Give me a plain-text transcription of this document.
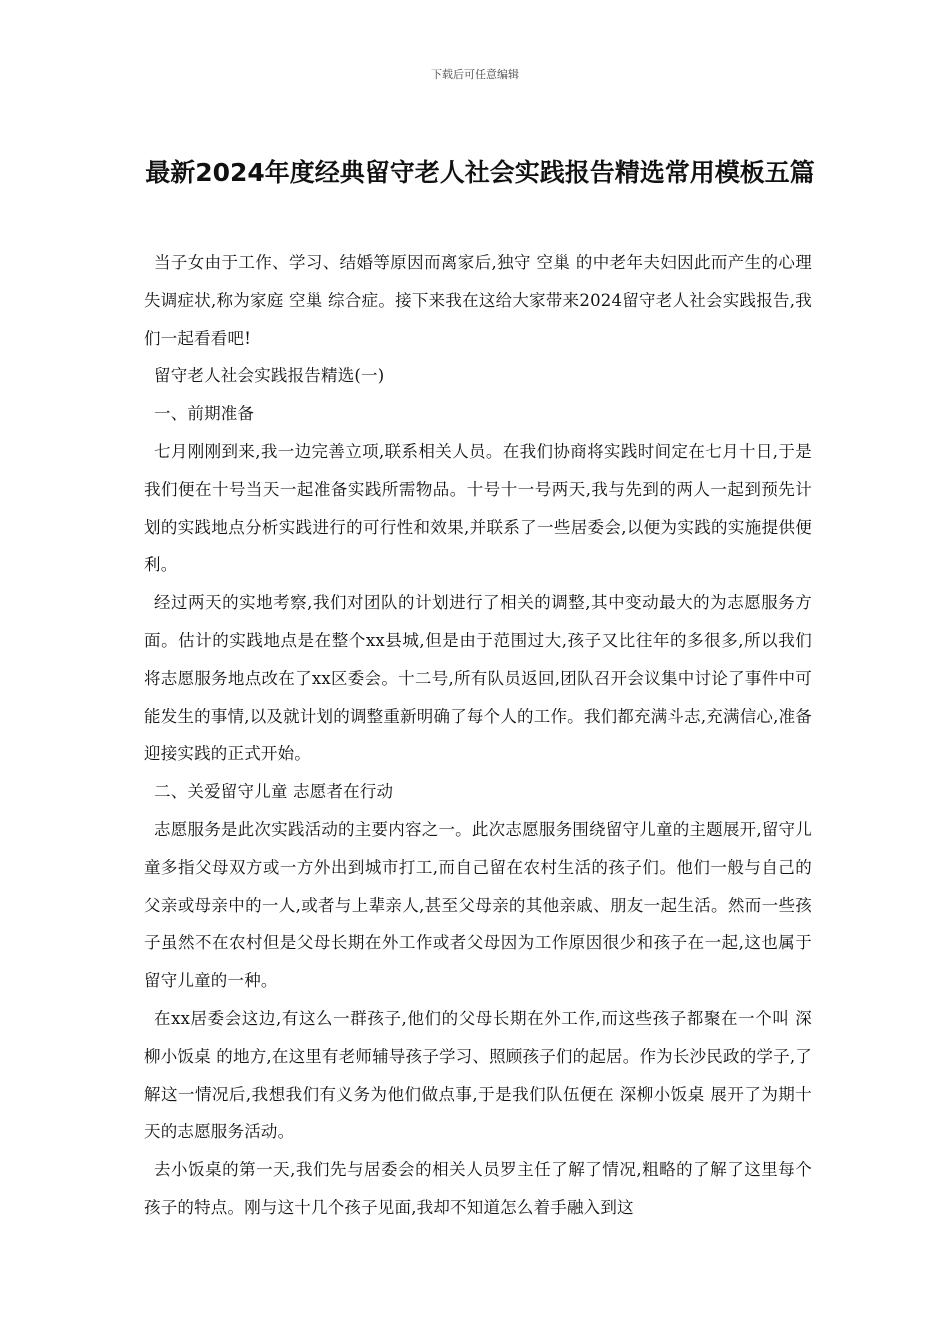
下载后可任意编辑
最新2024年度经典留守老人社会实践报告精选常用模板五篇

当子女由于工作、学习、结婚等原因而离家后,独守 空巢 的中老年夫妇因此而产生的心理失调症状,称为家庭 空巢 综合症。接下来我在这给大家带来2024留守老人社会实践报告,我们一起看看吧!

留守老人社会实践报告精选(一)

一、前期准备

七月刚刚到来,我一边完善立项,联系相关人员。在我们协商将实践时间定在七月十日,于是我们便在十号当天一起准备实践所需物品。十号十一号两天,我与先到的两人一起到预先计划的实践地点分析实践进行的可行性和效果,并联系了一些居委会,以便为实践的实施提供便利。

经过两天的实地考察,我们对团队的计划进行了相关的调整,其中变动最大的为志愿服务方面。估计的实践地点是在整个xx县城,但是由于范围过大,孩子又比往年的多很多,所以我们将志愿服务地点改在了xx区委会。十二号,所有队员返回,团队召开会议集中讨论了事件中可能发生的事情,以及就计划的调整重新明确了每个人的工作。我们都充满斗志,充满信心,准备迎接实践的正式开始。

二、关爱留守儿童 志愿者在行动

志愿服务是此次实践活动的主要内容之一。此次志愿服务围绕留守儿童的主题展开,留守儿童多指父母双方或一方外出到城市打工,而自己留在农村生活的孩子们。他们一般与自己的父亲或母亲中的一人,或者与上辈亲人,甚至父母亲的其他亲戚、朋友一起生活。然而一些孩子虽然不在农村但是父母长期在外工作或者父母因为工作原因很少和孩子在一起,这也属于留守儿童的一种。

在xx居委会这边,有这么一群孩子,他们的父母长期在外工作,而这些孩子都聚在一个叫 深柳小饭桌 的地方,在这里有老师辅导孩子学习、照顾孩子们的起居。作为长沙民政的学子,了解这一情况后,我想我们有义务为他们做点事,于是我们队伍便在 深柳小饭桌 展开了为期十天的志愿服务活动。

去小饭桌的第一天,我们先与居委会的相关人员罗主任了解了情况,粗略的了解了这里每个孩子的特点。刚与这十几个孩子见面,我却不知道怎么着手融入到这
